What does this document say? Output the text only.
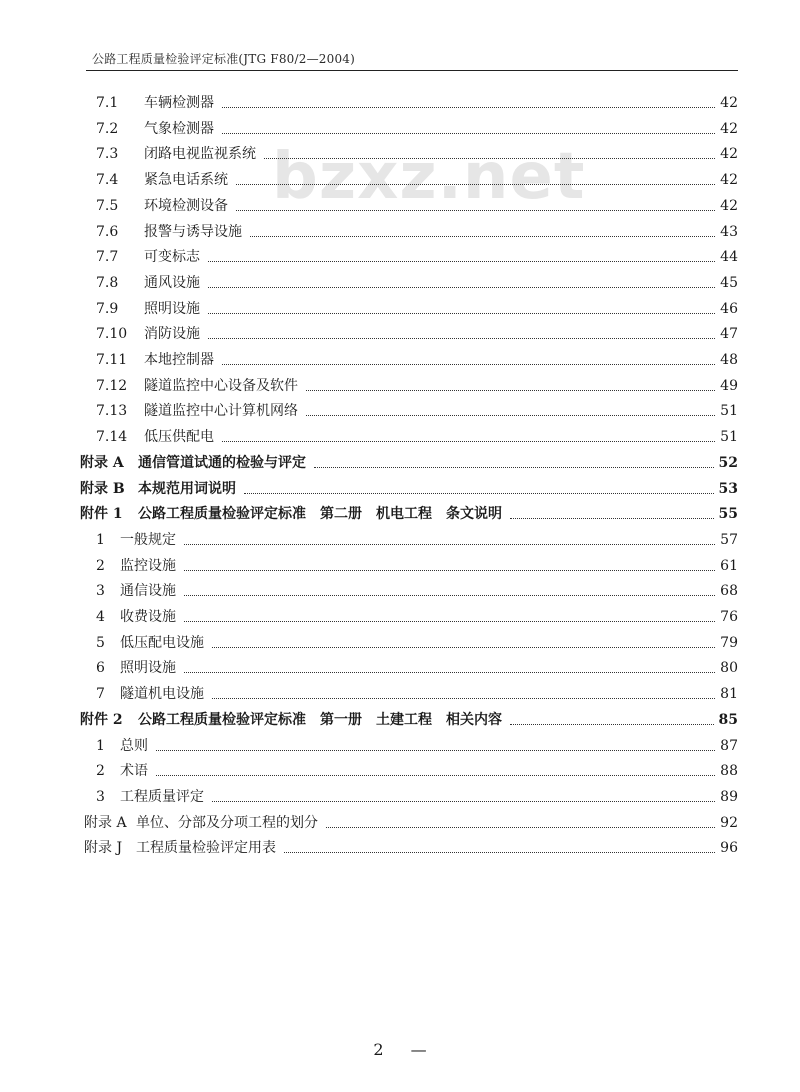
公路工程质量检验评定标准(JTG F80/2—2004)
bzxz.net
7.1	车辆检测器	42
7.2	气象检测器	42
7.3	闭路电视监视系统	42
7.4	紧急电话系统	42
7.5	环境检测设备	42
7.6	报警与诱导设施	43
7.7	可变标志	44
7.8	通风设施	45
7.9	照明设施	46
7.10	消防设施	47
7.11	本地控制器	48
7.12	隧道监控中心设备及软件	49
7.13	隧道监控中心计算机网络	51
7.14	低压供配电	51
附录 A	通信管道试通的检验与评定	52
附录 B 本规范用词说明	53
附件 1	公路工程质量检验评定标准　第二册　机电工程　条文说明	55
1	一般规定	57
2	监控设施	61
3	通信设施	68
4	收费设施	76
5	低压配电设施	79
6	照明设施	80
7	隧道机电设施	81
附件 2	公路工程质量检验评定标准　第一册　土建工程　相关内容	85
1	总则	87
2	术语	88
3	工程质量评定	89
附录 A 单位、分部及分项工程的划分	92
附录 J 工程质量检验评定用表	96
2 —
